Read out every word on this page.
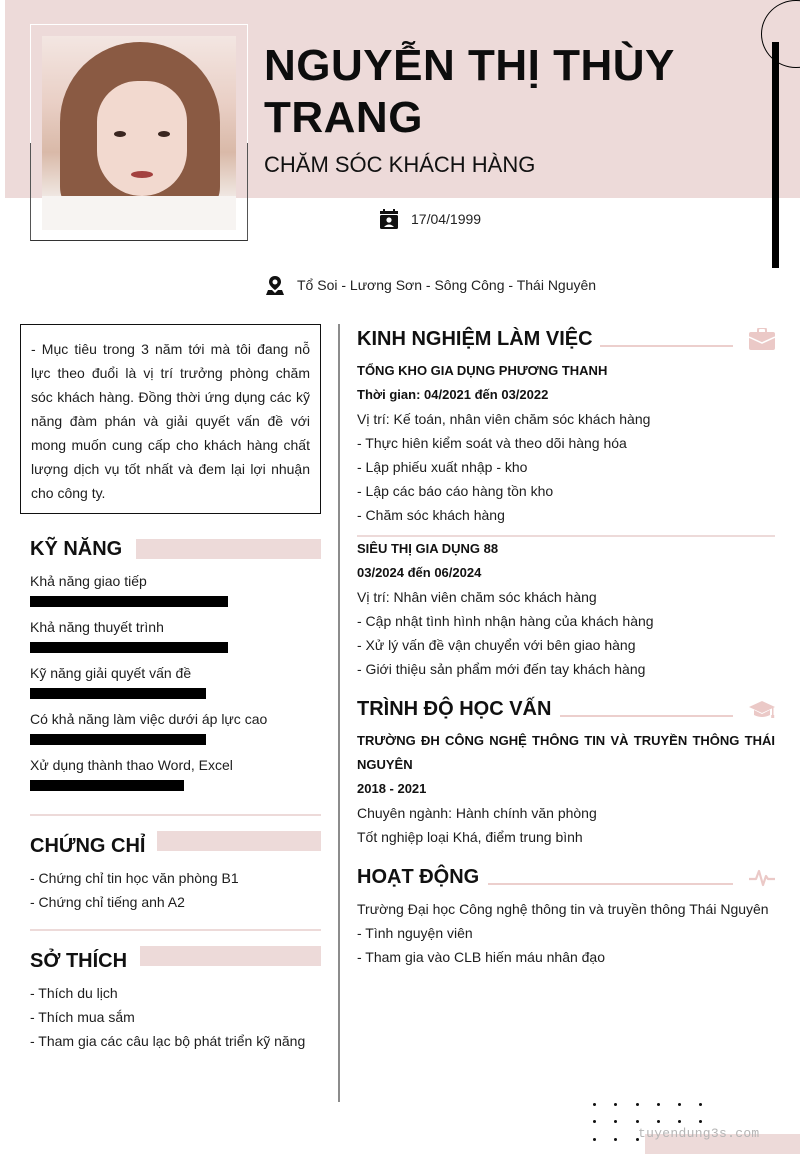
NGUYỄN THỊ THÙY TRANG
CHĂM SÓC KHÁCH HÀNG
17/04/1999
Tổ Soi - Lương Sơn - Sông Công - Thái Nguyên
- Mục tiêu trong 3 năm tới mà tôi đang nỗ lực theo đuổi là vị trí trưởng phòng chăm sóc khách hàng. Đồng thời ứng dụng các kỹ năng đàm phán và giải quyết vấn đề với mong muốn cung cấp cho khách hàng chất lượng dịch vụ tốt nhất và đem lại lợi nhuận cho công ty.
KỸ NĂNG
Khả năng giao tiếp
Khả năng thuyết trình
Kỹ năng giải quyết vấn đề
Có khả năng làm việc dưới áp lực cao
Xử dụng thành thao Word, Excel
CHỨNG CHỈ
- Chứng chỉ tin học văn phòng B1
- Chứng chỉ tiếng anh A2
SỞ THÍCH
- Thích du lịch
- Thích mua sắm
- Tham gia các câu lạc bộ phát triển kỹ năng
KINH NGHIỆM LÀM VIỆC
TỔNG KHO GIA DỤNG PHƯƠNG THANH
Thời gian: 04/2021 đến 03/2022
Vị trí: Kế toán, nhân viên chăm sóc khách hàng
- Thực hiên kiểm soát và theo dõi hàng hóa
- Lập phiếu xuất nhập - kho
- Lập các báo cáo hàng tồn kho
- Chăm sóc khách hàng
SIÊU THỊ GIA DỤNG 88
03/2024 đến 06/2024
Vị trí: Nhân viên chăm sóc khách hàng
- Cập nhật tình hình nhận hàng của khách hàng
- Xử lý vấn đề vận chuyển với bên giao hàng
- Giới thiệu sản phẩm mới đến tay khách hàng
TRÌNH ĐỘ HỌC VẤN
TRƯỜNG ĐH CÔNG NGHỆ THÔNG TIN VÀ TRUYỀN THÔNG THÁI
NGUYÊN
2018 - 2021
Chuyên ngành: Hành chính văn phòng
Tốt nghiệp loại Khá, điểm trung bình
HOẠT ĐỘNG
Trường Đại học Công nghệ thông tin và truyền thông Thái Nguyên
- Tình nguyện viên
- Tham gia vào CLB hiến máu nhân đạo
tuyendung3s.com
